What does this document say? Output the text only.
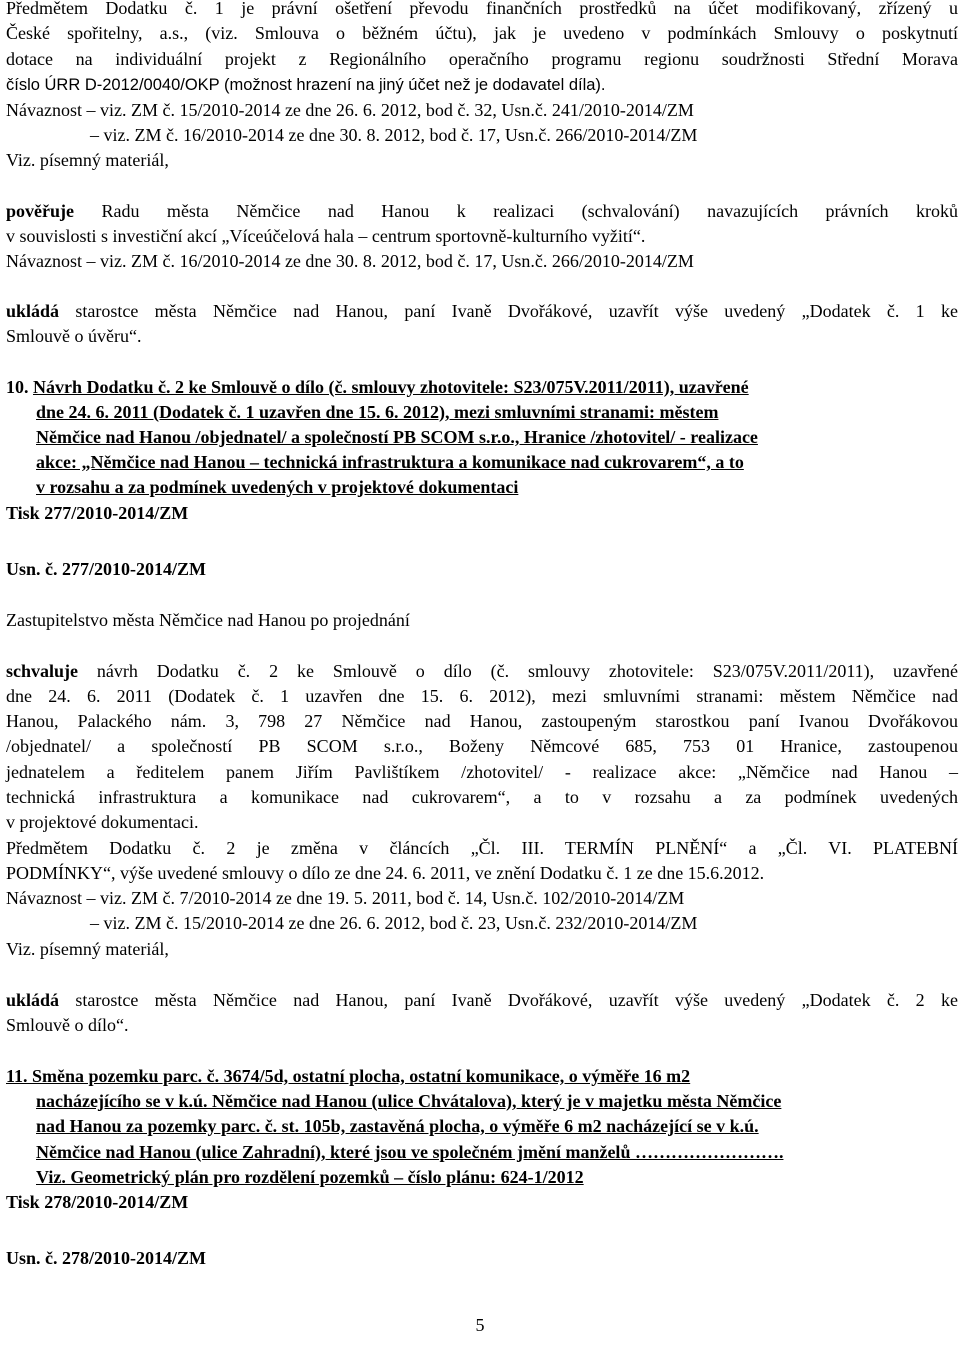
Předmětem Dodatku č. 1 je právní ošetření převodu finančních prostředků na účet modifikovaný, zřízený u
České spořitelny, a.s., (viz. Smlouva o běžném účtu), jak je uvedeno v podmínkách Smlouvy o poskytnutí
dotace na individuální projekt z Regionálního operačního programu regionu soudržnosti Střední Morava
číslo ÚRR D-2012/0040/OKP (možnost hrazení na jiný účet než je dodavatel díla).
Návaznost – viz. ZM č. 15/2010-2014 ze dne 26. 6. 2012, bod č. 32, Usn.č. 241/2010-2014/ZM
– viz. ZM č. 16/2010-2014 ze dne 30. 8. 2012, bod č. 17, Usn.č. 266/2010-2014/ZM
Viz. písemný materiál,
pověřuje Radu města Němčice nad Hanou k realizaci (schvalování) navazujících právních kroků
v souvislosti s investiční akcí „Víceúčelová hala – centrum sportovně-kulturního vyžití“.
Návaznost – viz. ZM č. 16/2010-2014 ze dne 30. 8. 2012, bod č. 17, Usn.č. 266/2010-2014/ZM
ukládá starostce města Němčice nad Hanou, paní Ivaně Dvořákové, uzavřít výše uvedený „Dodatek č. 1 ke
Smlouvě o úvěru“.
10. Návrh Dodatku č. 2 ke Smlouvě o dílo (č. smlouvy zhotovitele: S23/075V.2011/2011), uzavřené
dne 24. 6. 2011 (Dodatek č. 1 uzavřen dne 15. 6. 2012), mezi smluvními stranami: městem
Němčice nad Hanou /objednatel/ a společností PB SCOM s.r.o., Hranice /zhotovitel/ - realizace
akce: „Němčice nad Hanou – technická infrastruktura a komunikace nad cukrovarem“, a to
v rozsahu a za podmínek uvedených v projektové dokumentaci
Tisk 277/2010-2014/ZM
Usn. č. 277/2010-2014/ZM
Zastupitelstvo města Němčice nad Hanou po projednání
schvaluje návrh Dodatku č. 2 ke Smlouvě o dílo (č. smlouvy zhotovitele: S23/075V.2011/2011), uzavřené
dne 24. 6. 2011 (Dodatek č. 1 uzavřen dne 15. 6. 2012), mezi smluvními stranami: městem Němčice nad
Hanou, Palackého nám. 3, 798 27 Němčice nad Hanou, zastoupeným starostkou paní Ivanou Dvořákovou
/objednatel/ a společností PB SCOM s.r.o., Boženy Němcové 685, 753 01 Hranice, zastoupenou
jednatelem a ředitelem panem Jiřím Pavlištíkem /zhotovitel/ - realizace akce: „Němčice nad Hanou –
technická infrastruktura a komunikace nad cukrovarem“, a to v rozsahu a za podmínek uvedených
v projektové dokumentaci.
Předmětem Dodatku č. 2 je změna v článcích „Čl. III. TERMÍN PLNĚNÍ“ a „Čl. VI. PLATEBNÍ
PODMÍNKY“, výše uvedené smlouvy o dílo ze dne 24. 6. 2011, ve znění Dodatku č. 1 ze dne 15.6.2012.
Návaznost – viz. ZM č. 7/2010-2014 ze dne 19. 5. 2011, bod č. 14, Usn.č. 102/2010-2014/ZM
– viz. ZM č. 15/2010-2014 ze dne 26. 6. 2012, bod č. 23, Usn.č. 232/2010-2014/ZM
Viz. písemný materiál,
ukládá starostce města Němčice nad Hanou, paní Ivaně Dvořákové, uzavřít výše uvedený „Dodatek č. 2 ke
Smlouvě o dílo“.
11. Směna pozemku parc. č. 3674/5d, ostatní plocha, ostatní komunikace, o výměře 16 m2
nacházejícího se v k.ú. Němčice nad Hanou (ulice Chvátalova), který je v majetku města Němčice
nad Hanou za pozemky parc. č. st. 105b, zastavěná plocha, o výměře 6 m2 nacházející se v k.ú.
Němčice nad Hanou (ulice Zahradní), které jsou ve společném jmění manželů …………………….
Viz. Geometrický plán pro rozdělení pozemků – číslo plánu: 624-1/2012
Tisk 278/2010-2014/ZM
Usn. č. 278/2010-2014/ZM
5
